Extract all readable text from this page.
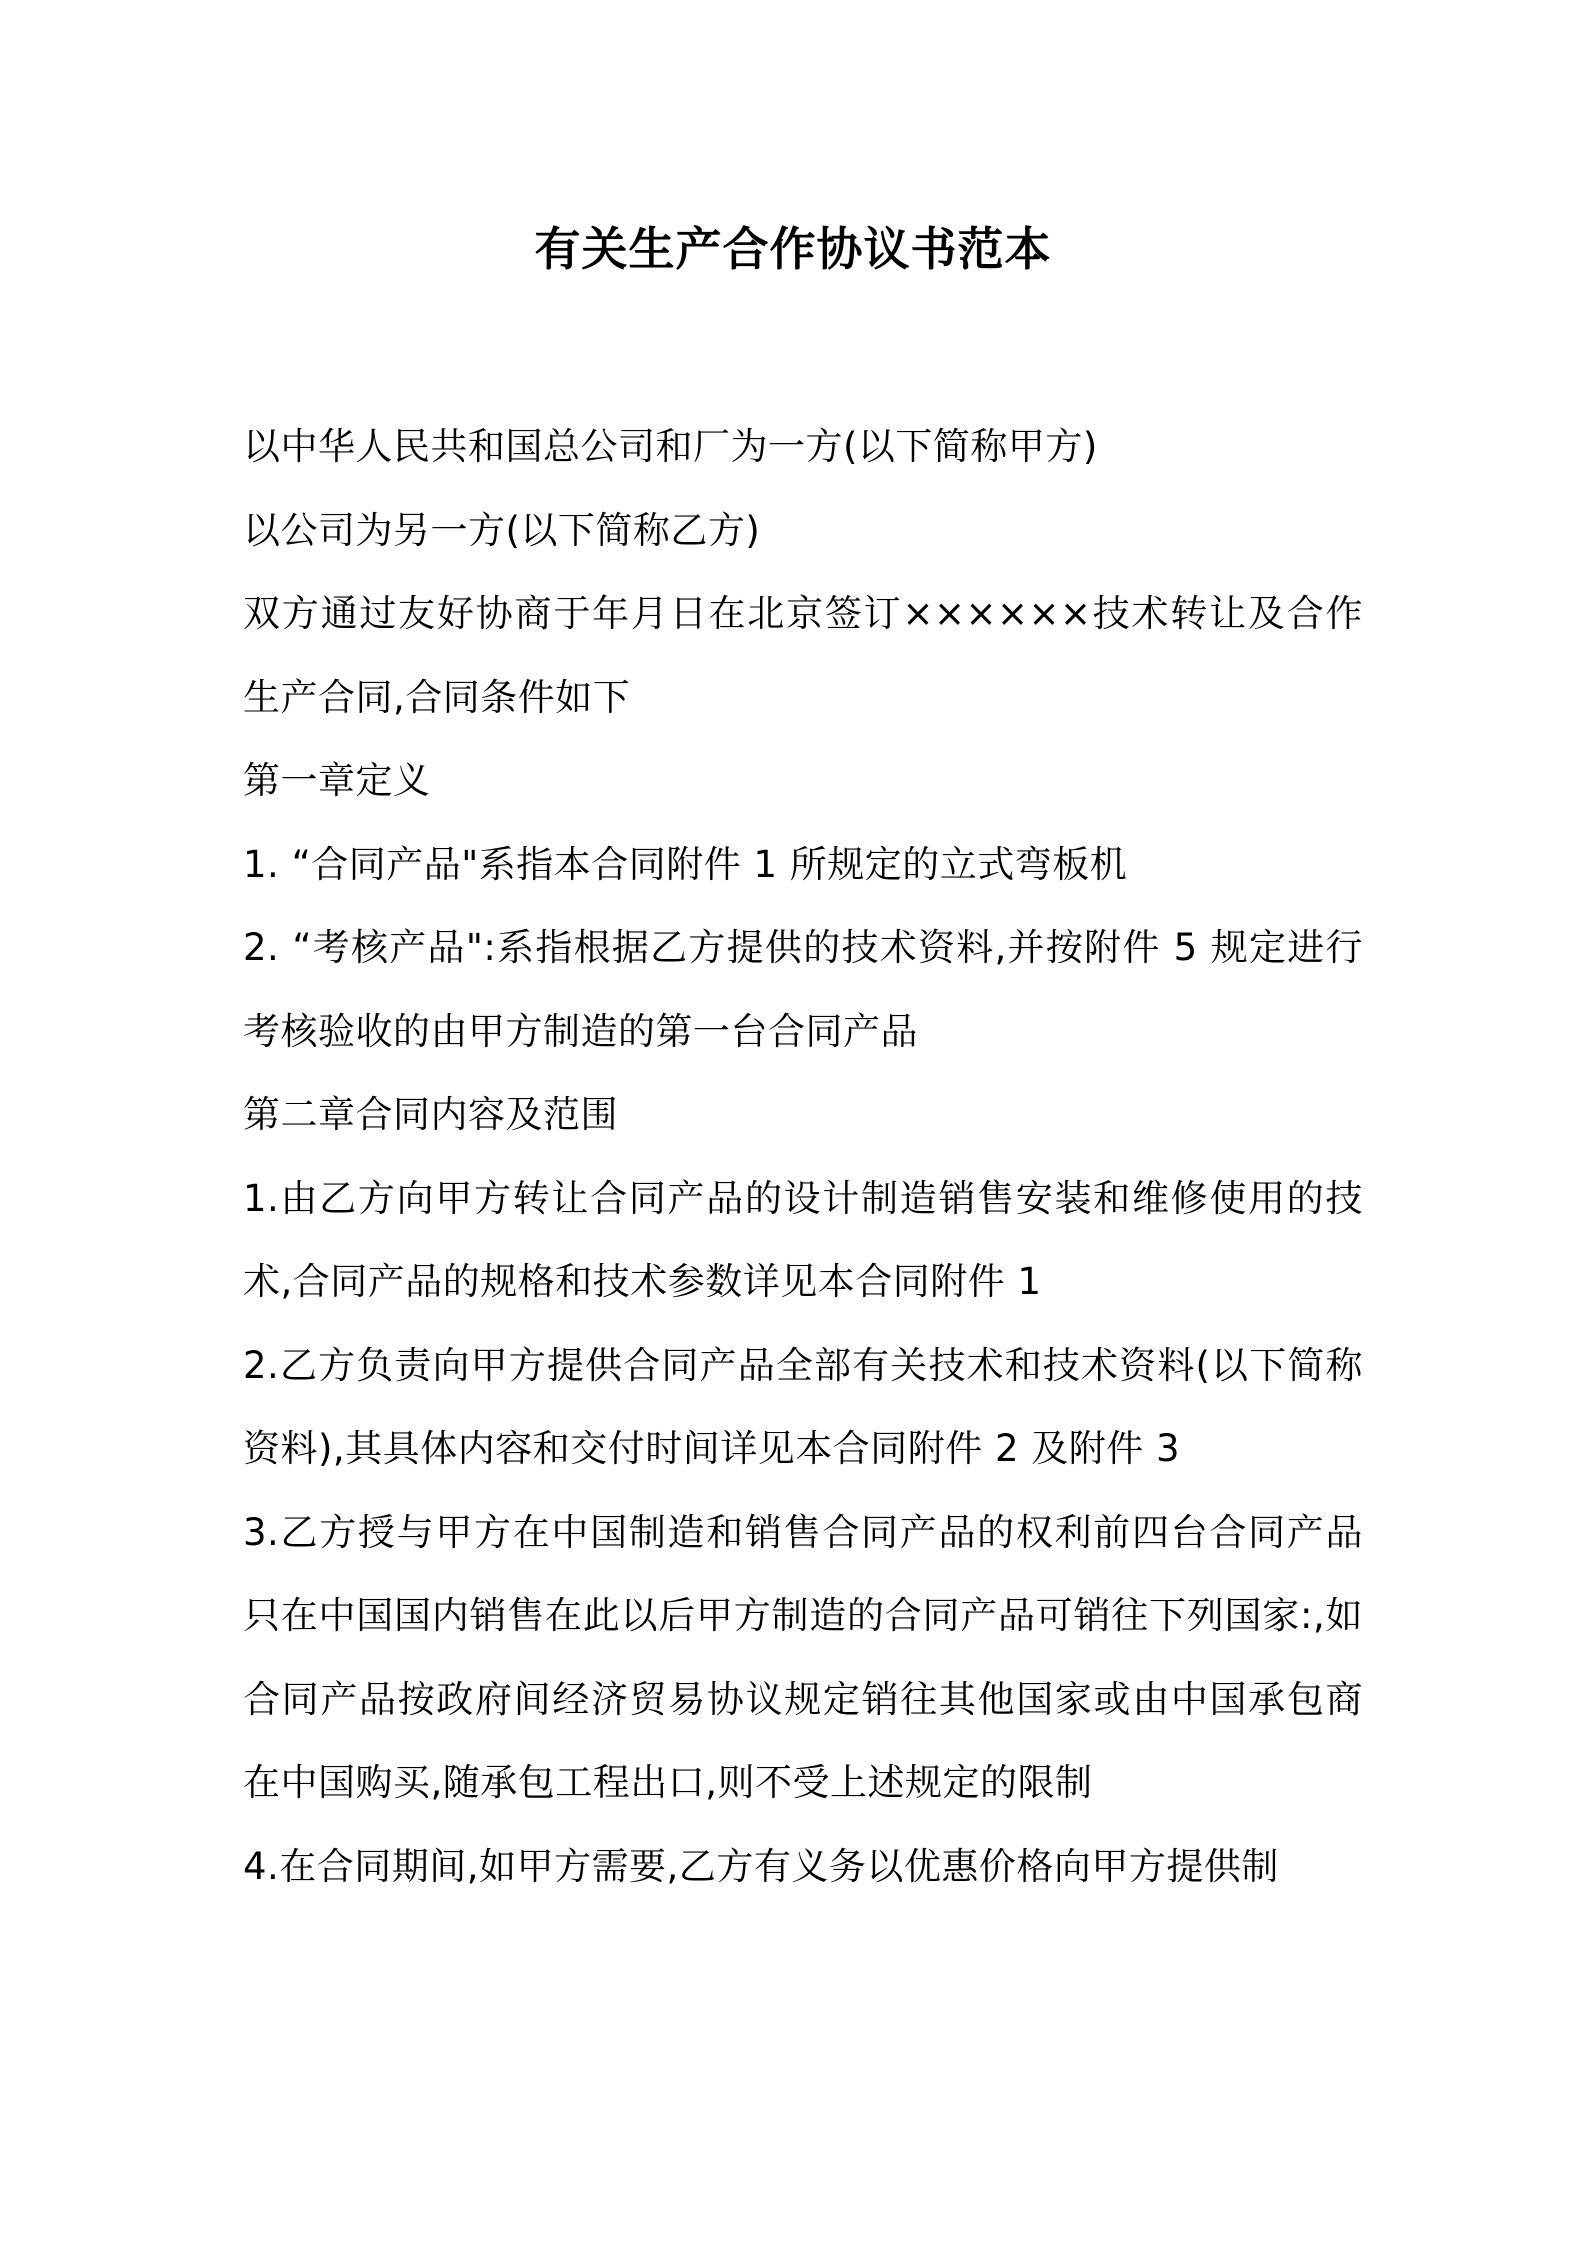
有关生产合作协议书范本

以中华人民共和国总公司和厂为一方(以下简称甲方)

以公司为另一方(以下简称乙方)

双方通过友好协商于年月日在北京签订××××××技术转让及合作生产合同,合同条件如下

第一章定义

1. “合同产品"系指本合同附件 1 所规定的立式弯板机

2. “考核产品":系指根据乙方提供的技术资料,并按附件 5 规定进行考核验收的由甲方制造的第一台合同产品

第二章合同内容及范围

1.由乙方向甲方转让合同产品的设计制造销售安装和维修使用的技术,合同产品的规格和技术参数详见本合同附件 1

2.乙方负责向甲方提供合同产品全部有关技术和技术资料(以下简称资料),其具体内容和交付时间详见本合同附件 2 及附件 3

3.乙方授与甲方在中国制造和销售合同产品的权利前四台合同产品只在中国国内销售在此以后甲方制造的合同产品可销往下列国家:,如合同产品按政府间经济贸易协议规定销往其他国家或由中国承包商在中国购买,随承包工程出口,则不受上述规定的限制

4.在合同期间,如甲方需要,乙方有义务以优惠价格向甲方提供制
